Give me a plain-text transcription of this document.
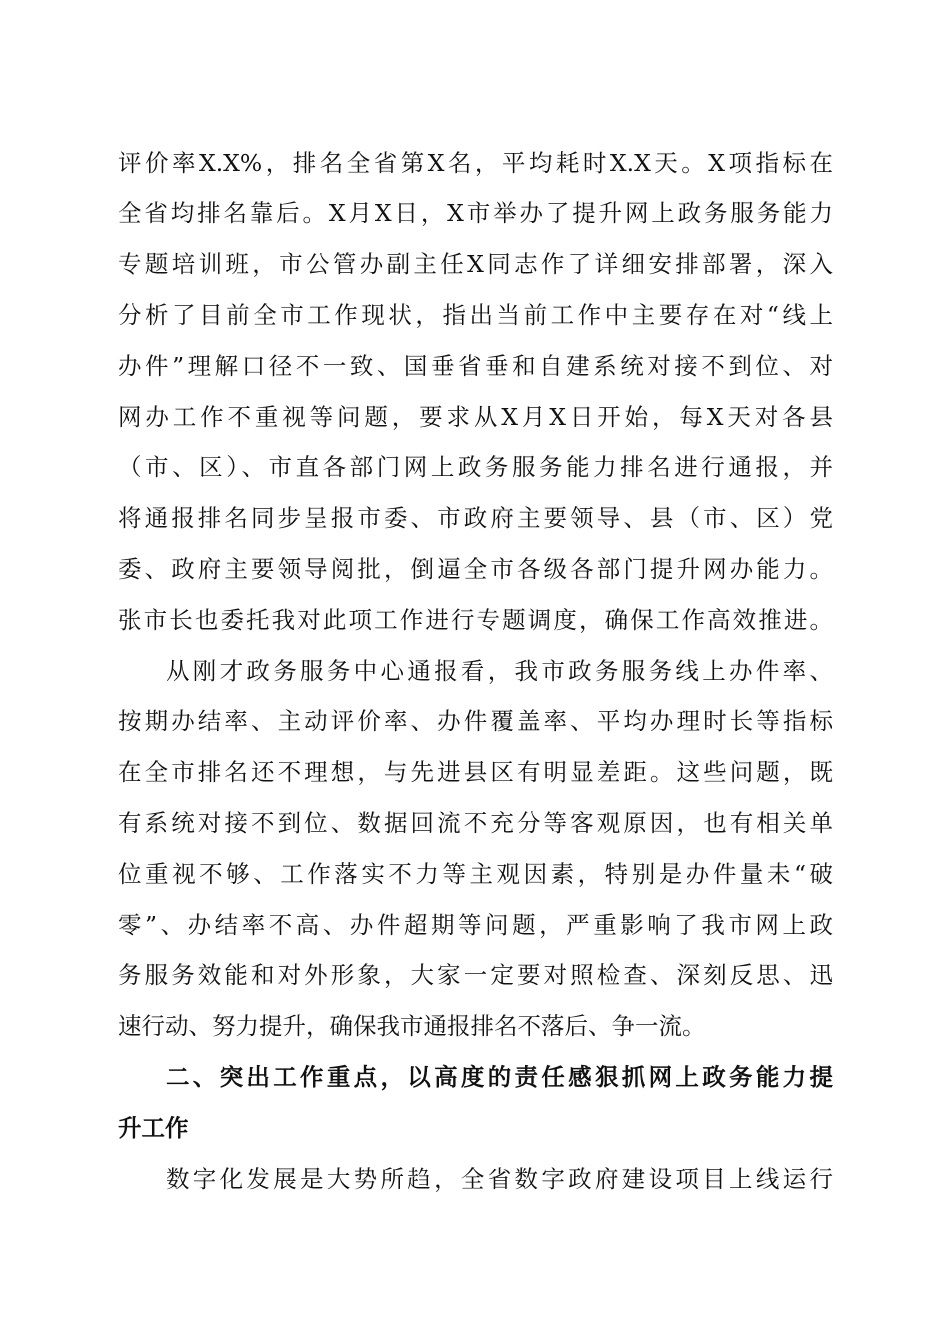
评价率X.X%，排名全省第X名，平均耗时X.X天。X项指标在
全省均排名靠后。X月X日，X市举办了提升网上政务服务能力
专题培训班，市公管办副主任X同志作了详细安排部署，深入
分析了目前全市工作现状，指出当前工作中主要存在对“线上
办件”理解口径不一致、国垂省垂和自建系统对接不到位、对
网办工作不重视等问题，要求从X月X日开始，每X天对各县
（市、区）、市直各部门网上政务服务能力排名进行通报，并
将通报排名同步呈报市委、市政府主要领导、县（市、区）党
委、政府主要领导阅批，倒逼全市各级各部门提升网办能力。
张市长也委托我对此项工作进行专题调度，确保工作高效推进。
从刚才政务服务中心通报看，我市政务服务线上办件率、
按期办结率、主动评价率、办件覆盖率、平均办理时长等指标
在全市排名还不理想，与先进县区有明显差距。这些问题，既
有系统对接不到位、数据回流不充分等客观原因，也有相关单
位重视不够、工作落实不力等主观因素，特别是办件量未“破
零”、办结率不高、办件超期等问题，严重影响了我市网上政
务服务效能和对外形象，大家一定要对照检查、深刻反思、迅
速行动、努力提升，确保我市通报排名不落后、争一流。
二、突出工作重点，以高度的责任感狠抓网上政务能力提
升工作
数字化发展是大势所趋，全省数字政府建设项目上线运行
